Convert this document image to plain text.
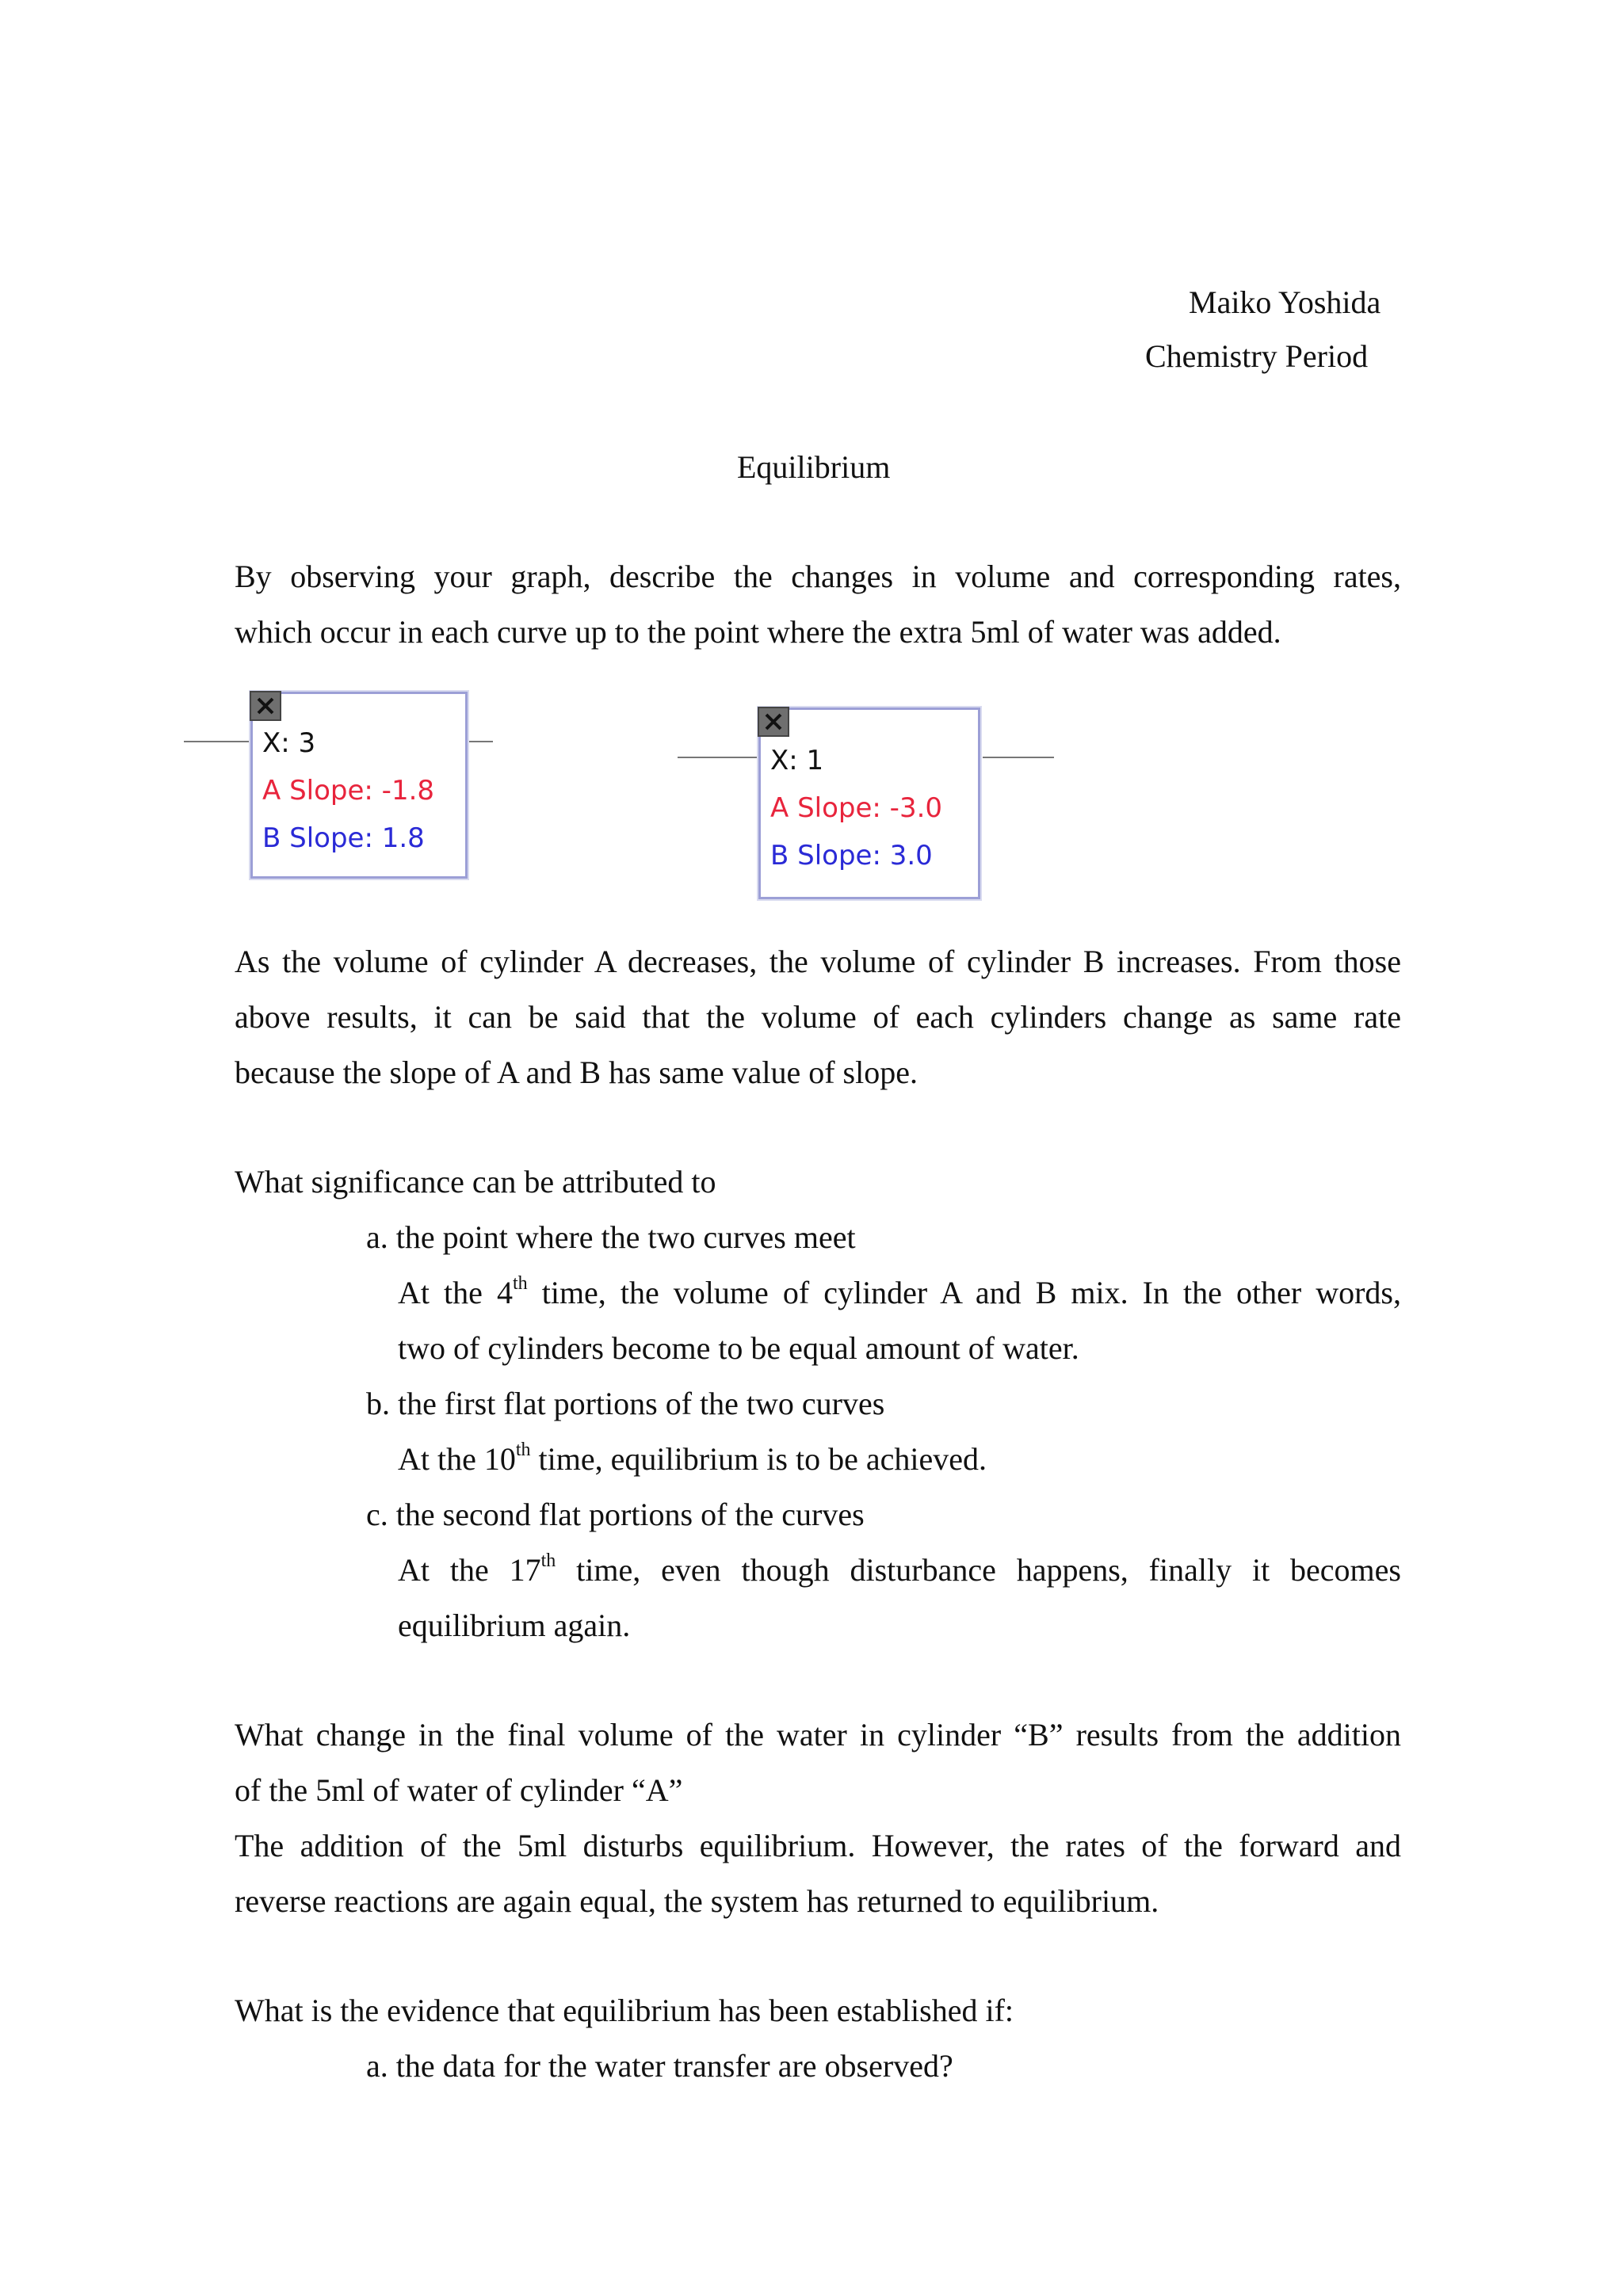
Maiko Yoshida
Chemistry Period
Equilibrium
By observing your graph, describe the changes in volume and corresponding rates,
which occur in each curve up to the point where the extra 5ml of water was added.
X: 3
A Slope: -1.8
B Slope: 1.8
X: 1
A Slope: -3.0
B Slope: 3.0
As the volume of cylinder A decreases, the volume of cylinder B increases. From those
above results, it can be said that the volume of each cylinders change as same rate
because the slope of A and B has same value of slope.
What significance can be attributed to
a. the point where the two curves meet
At the 4th time, the volume of cylinder A and B mix. In the other words,
two of cylinders become to be equal amount of water.
b. the first flat portions of the two curves
At the 10th time, equilibrium is to be achieved.
c. the second flat portions of the curves
At the 17th time, even though disturbance happens, finally it becomes
equilibrium again.
What change in the final volume of the water in cylinder “B” results from the addition
of the 5ml of water of cylinder “A”
The addition of the 5ml disturbs equilibrium. However, the rates of the forward and
reverse reactions are again equal, the system has returned to equilibrium.
What is the evidence that equilibrium has been established if:
a. the data for the water transfer are observed?
